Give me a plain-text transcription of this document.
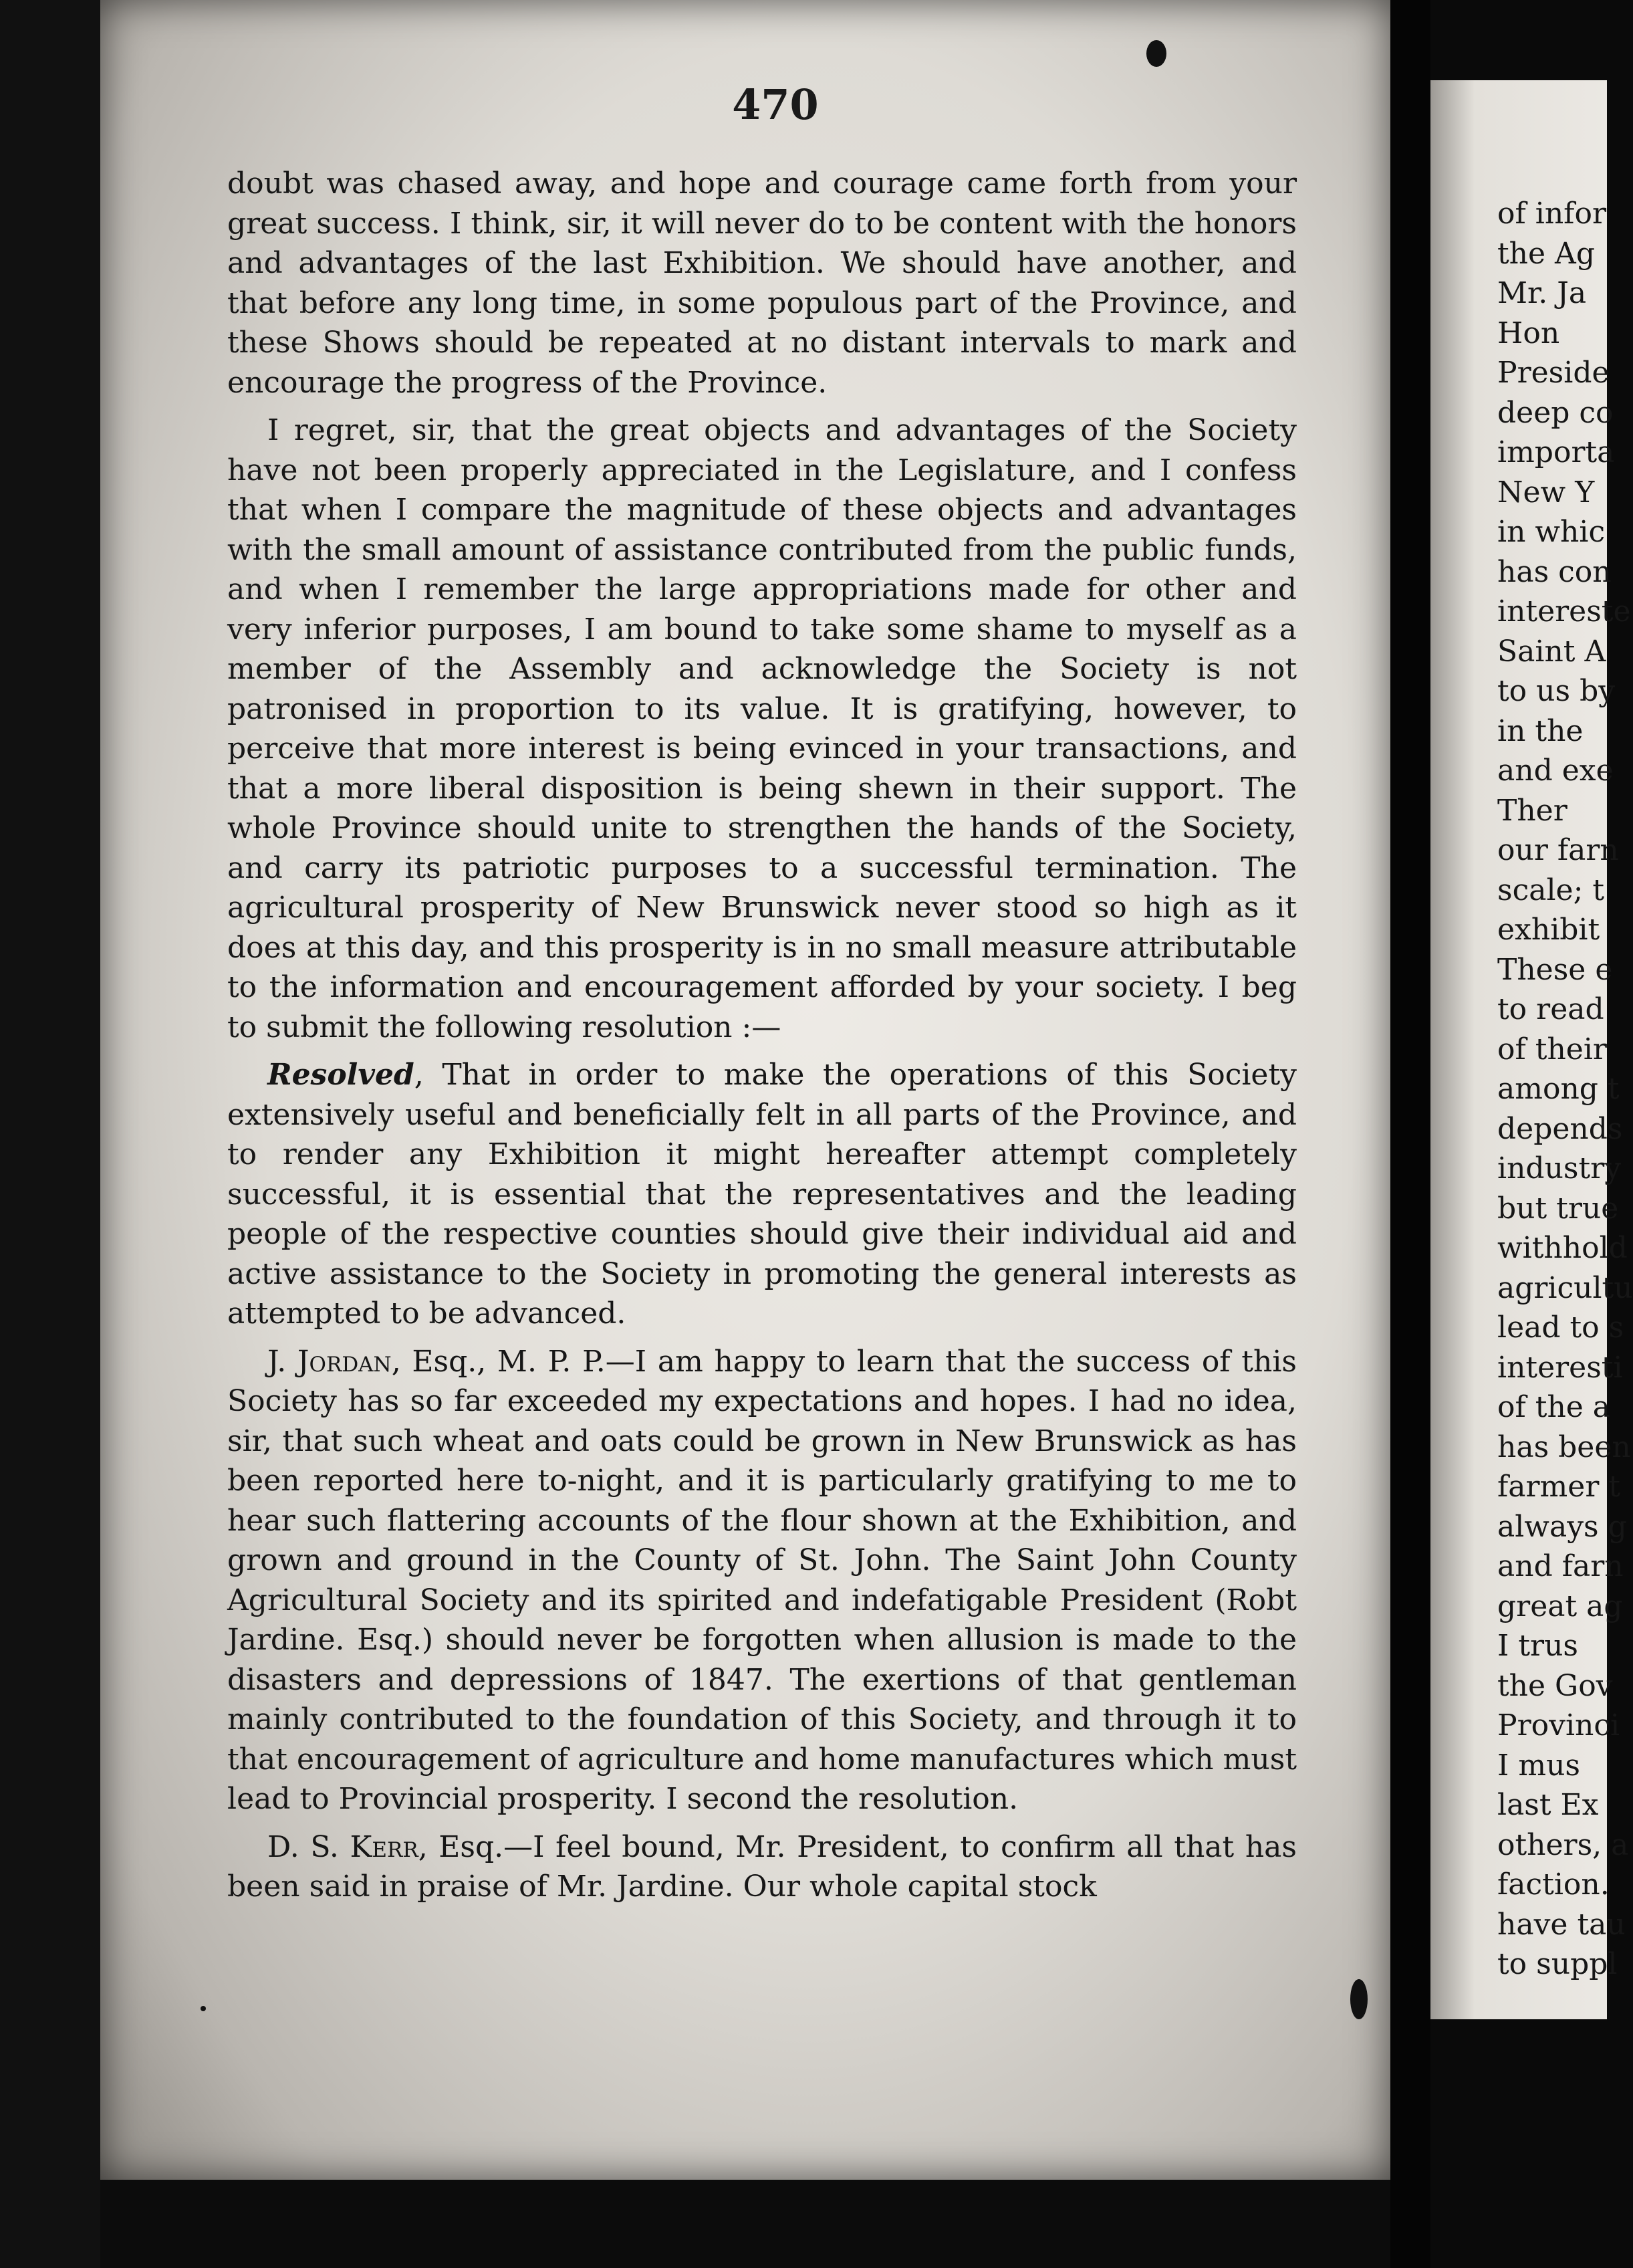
470

doubt was chased away, and hope and courage came forth from your great success. I think, sir, it will never do to be content with the honors and advantages of the last Exhibition. We should have another, and that before any long time, in some populous part of the Province, and these Shows should be repeated at no distant intervals to mark and encourage the progress of the Province.

I regret, sir, that the great objects and advantages of the Society have not been properly appreciated in the Legislature, and I confess that when I compare the magnitude of these objects and advantages with the small amount of assistance contributed from the public funds, and when I remember the large appropriations made for other and very inferior purposes, I am bound to take some shame to myself as a member of the Assembly and acknowledge the Society is not patronised in proportion to its value. It is gratifying, however, to perceive that more interest is being evinced in your transactions, and that a more liberal disposition is being shewn in their support. The whole Province should unite to strengthen the hands of the Society, and carry its patriotic purposes to a successful termination. The agricultural prosperity of New Brunswick never stood so high as it does at this day, and this prosperity is in no small measure attributable to the information and encouragement afforded by your society. I beg to submit the following resolution :—

Resolved, That in order to make the operations of this Society extensively useful and beneficially felt in all parts of the Province, and to render any Exhibition it might hereafter attempt completely successful, it is essential that the representatives and the leading people of the respective counties should give their individual aid and active assistance to the Society in promoting the general interests as attempted to be advanced.

J. Jordan, Esq., M. P. P.—I am happy to learn that the success of this Society has so far exceeded my expectations and hopes. I had no idea, sir, that such wheat and oats could be grown in New Brunswick as has been reported here to-night, and it is particularly gratifying to me to hear such flattering accounts of the flour shown at the Exhibition, and grown and ground in the County of St. John. The Saint John County Agricultural Society and its spirited and indefatigable President (Robt Jardine. Esq.) should never be forgotten when allusion is made to the disasters and depressions of 1847. The exertions of that gentleman mainly contributed to the foundation of this Society, and through it to that encouragement of agriculture and home manufactures which must lead to Provincial prosperity. I second the resolution.

D. S. Kerr, Esq.—I feel bound, Mr. President, to confirm all that has been said in praise of Mr. Jardine. Our whole capital stock

of infor
the Ag
Mr. Ja
Hon
Preside
deep co
importa
New Y
in whic
has con
intereste
Saint A
to us by
in the
and exe
Ther
our farn
scale; t
exhibit
These e
to read
of their
among t
depends
industry
but true
withhold
agricultu
lead to s
interesti
of the a
has been
farmer t
always g
and farn
great ag
I trus
the Gov
Provinci
I mus
last Ex
others, a
faction.
have tau
to suppl
